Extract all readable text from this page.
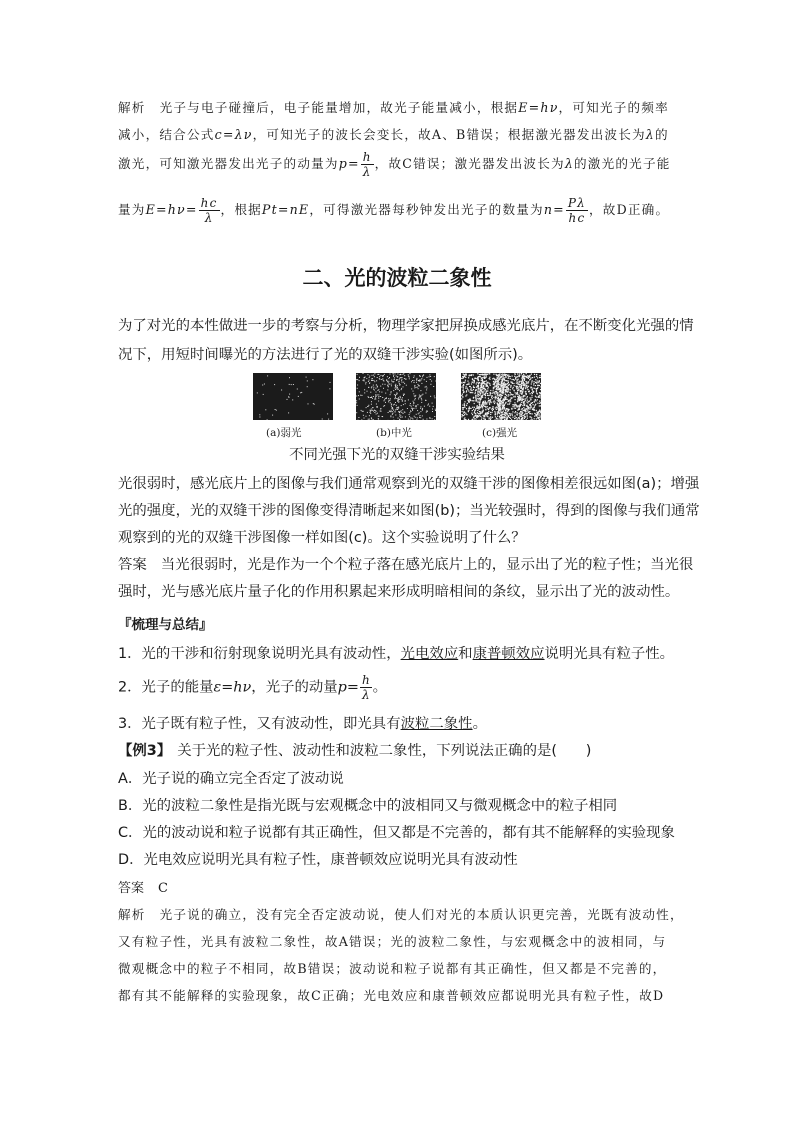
解析 光子与电子碰撞后，电子能量增加，故光子能量减小，根据E=hν，可知光子的频率
减小，结合公式c=λν，可知光子的波长会变长，故A、B错误；根据激光器发出波长为λ的
激光，可知激光器发出光子的动量为$p= \frac{h}{\lambda}$ ，故C错误；激光器发出波长为λ的激光的光子能
量为$E=h\nu= \frac{hc}{\lambda}$ ，根据Pt=nE，可得激光器每秒钟发出光子的数量为$n= \frac{P\lambda}{hc}$ ，故D正确。
二、光的波粒二象性
为了对光的本性做进一步的考察与分析，物理学家把屏换成感光底片，在不断变化光强的情
况下，用短时间曝光的方法进行了光的双缝干涉实验(如图所示)。
(a)弱光	(b)中光	(c)强光
不同光强下光的双缝干涉实验结果
光很弱时，感光底片上的图像与我们通常观察到光的双缝干涉的图像相差很远如图(a)；增强
光的强度，光的双缝干涉的图像变得清晰起来如图(b)；当光较强时，得到的图像与我们通常
观察到的光的双缝干涉图像一样如图(c)。这个实验说明了什么？
答案 当光很弱时，光是作为一个个粒子落在感光底片上的，显示出了光的粒子性；当光很
强时，光与感光底片量子化的作用积累起来形成明暗相间的条纹，显示出了光的波动性。
『梳理与总结』
1．光的干涉和衍射现象说明光具有波动性，光电效应和康普顿效应说明光具有粒子性。
2．光子的能量ε=hν，光子的动量$p= \frac{h}{\lambda}$ 。
3．光子既有粒子性，又有波动性，即光具有波粒二象性。
【例3】 关于光的粒子性、波动性和波粒二象性，下列说法正确的是(　　)
A．光子说的确立完全否定了波动说
B．光的波粒二象性是指光既与宏观概念中的波相同又与微观概念中的粒子相同
C．光的波动说和粒子说都有其正确性，但又都是不完善的，都有其不能解释的实验现象
D．光电效应说明光具有粒子性，康普顿效应说明光具有波动性
答案 C
解析 光子说的确立，没有完全否定波动说，使人们对光的本质认识更完善，光既有波动性，
又有粒子性，光具有波粒二象性，故A错误；光的波粒二象性，与宏观概念中的波相同，与
微观概念中的粒子不相同，故B错误；波动说和粒子说都有其正确性，但又都是不完善的，
都有其不能解释的实验现象，故C正确；光电效应和康普顿效应都说明光具有粒子性，故D
